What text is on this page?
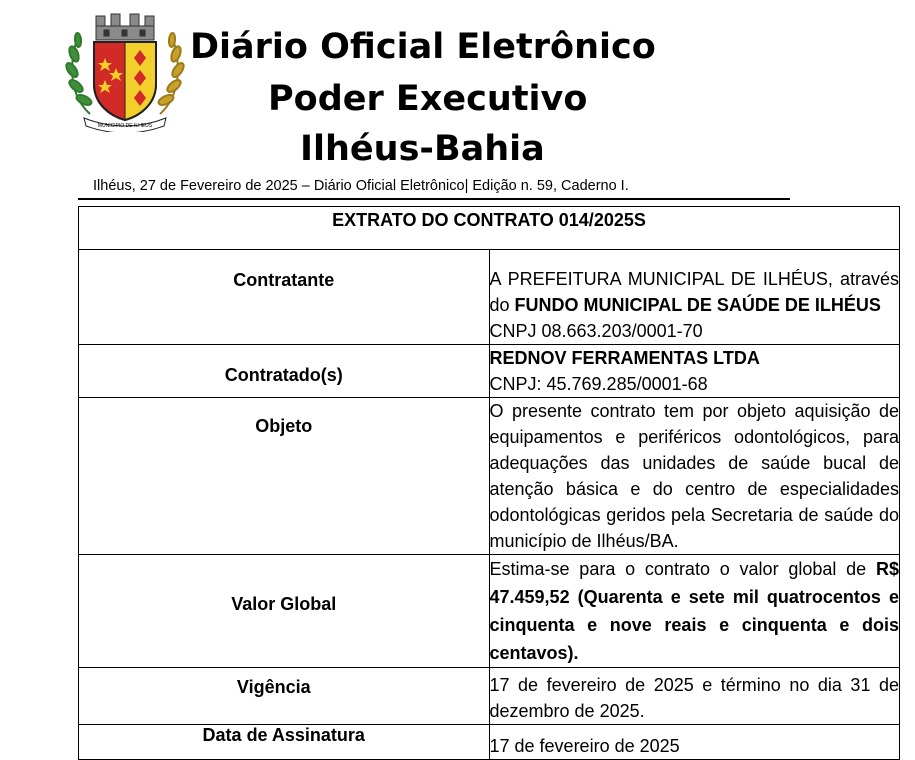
MUNICIPIO DE ILHEUS
Diário Oficial Eletrônico
Poder Executivo
Ilhéus-Bahia
Ilhéus, 27 de Fevereiro de 2025 – Diário Oficial Eletrônico| Edição n. 59, Caderno I.
EXTRATO DO CONTRATO 014/2025S	

Contratante	A PREFEITURA MUNICIPAL DE ILHÉUS, através do FUNDO MUNICIPAL DE SAÚDE DE ILHÉUS
CNPJ 08.663.203/0001-70

Contratado(s)	REDNOV FERRAMENTAS LTDA
CNPJ: 45.769.285/0001-68

Objeto	O presente contrato tem por objeto aquisição de equipamentos e periféricos odontológicos, para adequações das unidades de saúde bucal de atenção básica e do centro de especialidades odontológicas geridos pela Secretaria de saúde do município de Ilhéus/BA.

Valor Global	Estima-se para o contrato o valor global de R$ 47.459,52 (Quarenta e sete mil quatrocentos e cinquenta e nove reais e cinquenta e dois centavos).

Vigência	17 de fevereiro de 2025 e término no dia 31 de dezembro de 2025.

Data de Assinatura	17 de fevereiro de 2025
